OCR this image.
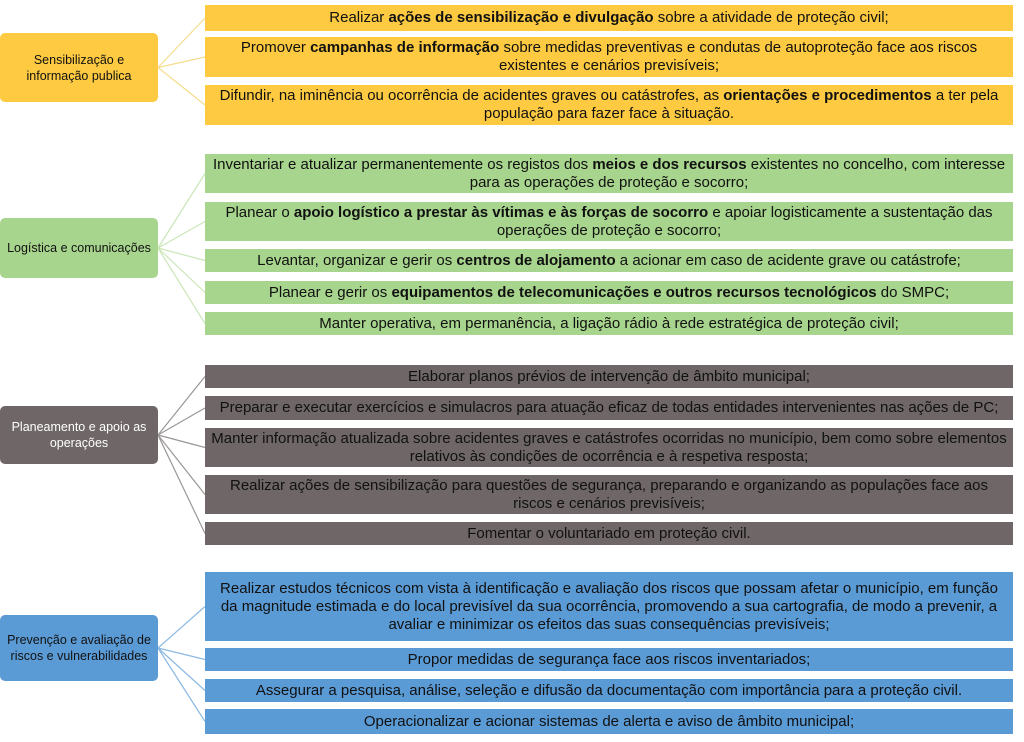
Sensibilização e informação publica
Realizar ações de sensibilização e divulgação sobre a atividade de proteção civil;
Promover campanhas de informação sobre medidas preventivas e condutas de autoproteção face aos riscos existentes e cenários previsíveis;
Difundir, na iminência ou ocorrência de acidentes graves ou catástrofes, as orientações e procedimentos a ter pela população para fazer face à situação.
Logística e comunicações
Inventariar e atualizar permanentemente os registos dos meios e dos recursos existentes no concelho, com interesse para as operações de proteção e socorro;
Planear o apoio logístico a prestar às vítimas e às forças de socorro e apoiar logisticamente a sustentação das operações de proteção e socorro;
Levantar, organizar e gerir os centros de alojamento a acionar em caso de acidente grave ou catástrofe;
Planear e gerir os equipamentos de telecomunicações e outros recursos tecnológicos do SMPC;
Manter operativa, em permanência, a ligação rádio à rede estratégica de proteção civil;
Planeamento e apoio as operações
Elaborar planos prévios de intervenção de âmbito municipal;
Preparar e executar exercícios e simulacros para atuação eficaz de todas entidades intervenientes nas ações de PC;
Manter informação atualizada sobre acidentes graves e catástrofes ocorridas no município, bem como sobre elementos relativos às condições de ocorrência e à respetiva resposta;
Realizar ações de sensibilização para questões de segurança, preparando e organizando as populações face aos riscos e cenários previsíveis;
Fomentar o voluntariado em proteção civil.
Prevenção e avaliação de riscos e vulnerabilidades
Realizar estudos técnicos com vista à identificação e avaliação dos riscos que possam afetar o município, em função da magnitude estimada e do local previsível da sua ocorrência, promovendo a sua cartografia, de modo a prevenir, a avaliar e minimizar os efeitos das suas consequências previsíveis;
Propor medidas de segurança face aos riscos inventariados;
Assegurar a pesquisa, análise, seleção e difusão da documentação com importância para a proteção civil.
Operacionalizar e acionar sistemas de alerta e aviso de âmbito municipal;
